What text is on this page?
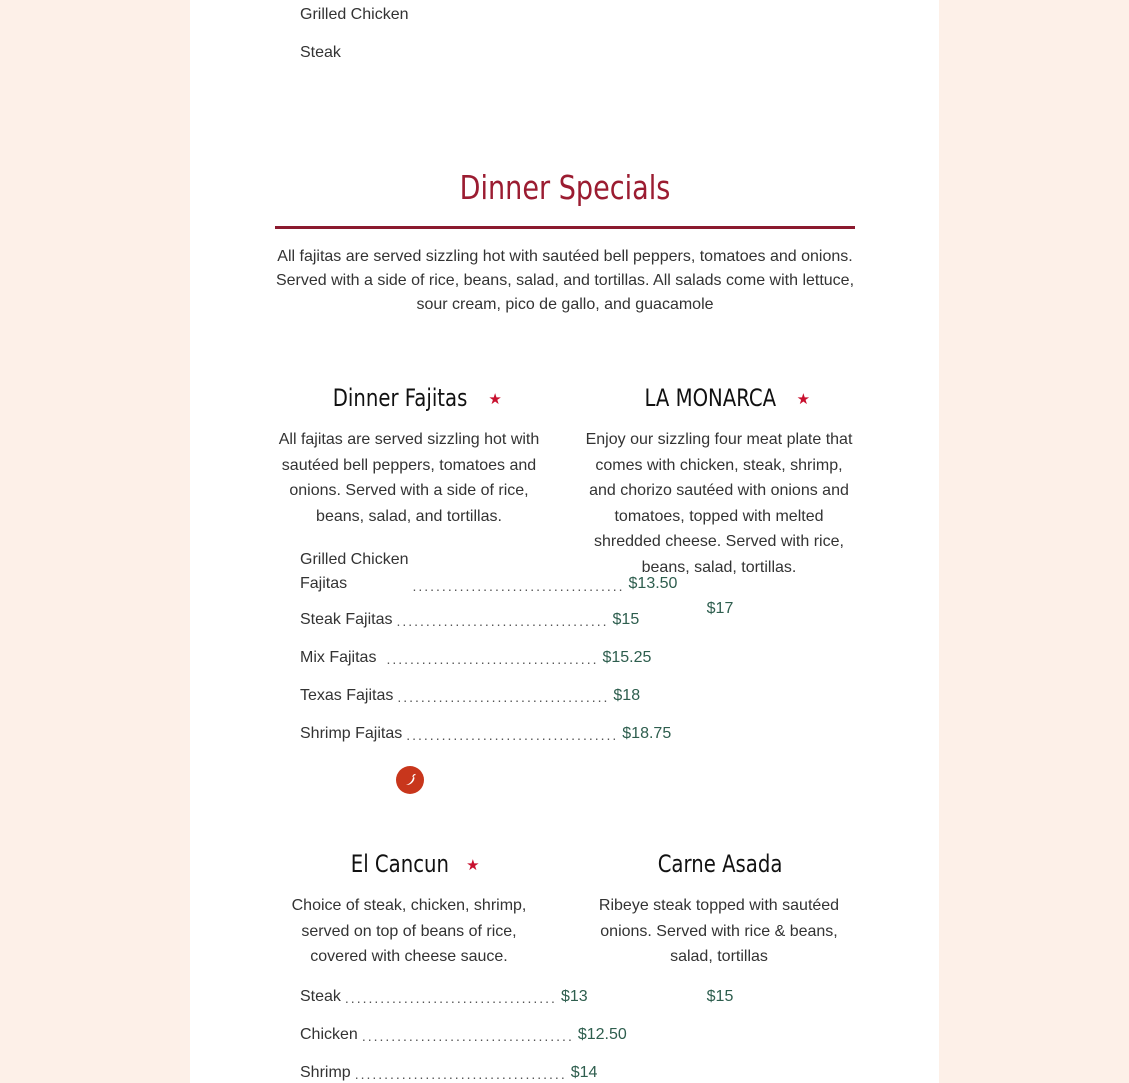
Grilled Chicken
Steak
Dinner Specials
All fajitas are served sizzling hot with sautéed bell peppers, tomatoes and onions. Served with a side of rice, beans, salad, and tortillas. All salads come with lettuce, sour cream, pico de gallo, and guacamole
Dinner Fajitas ★
All fajitas are served sizzling hot with sautéed bell peppers, tomatoes and onions. Served with a side of rice, beans, salad, and tortillas.
Grilled Chicken
Fajitas	.................................... $13.50
Steak Fajitas .................................... $15
Mix Fajitas .................................... $15.25
Texas Fajitas .................................... $18
Shrimp Fajitas .................................... $18.75
LA MONARCA ★
Enjoy our sizzling four meat plate that comes with chicken, steak, shrimp, and chorizo sautéed with onions and tomatoes, topped with melted shredded cheese. Served with rice, beans, salad, tortillas.
$17
El Cancun ★
Choice of steak, chicken, shrimp, served on top of beans of rice, covered with cheese sauce.
Steak .................................... $13
Chicken .................................... $12.50
Shrimp .................................... $14
Carne Asada
Ribeye steak topped with sautéed onions. Served with rice & beans, salad, tortillas
$15
